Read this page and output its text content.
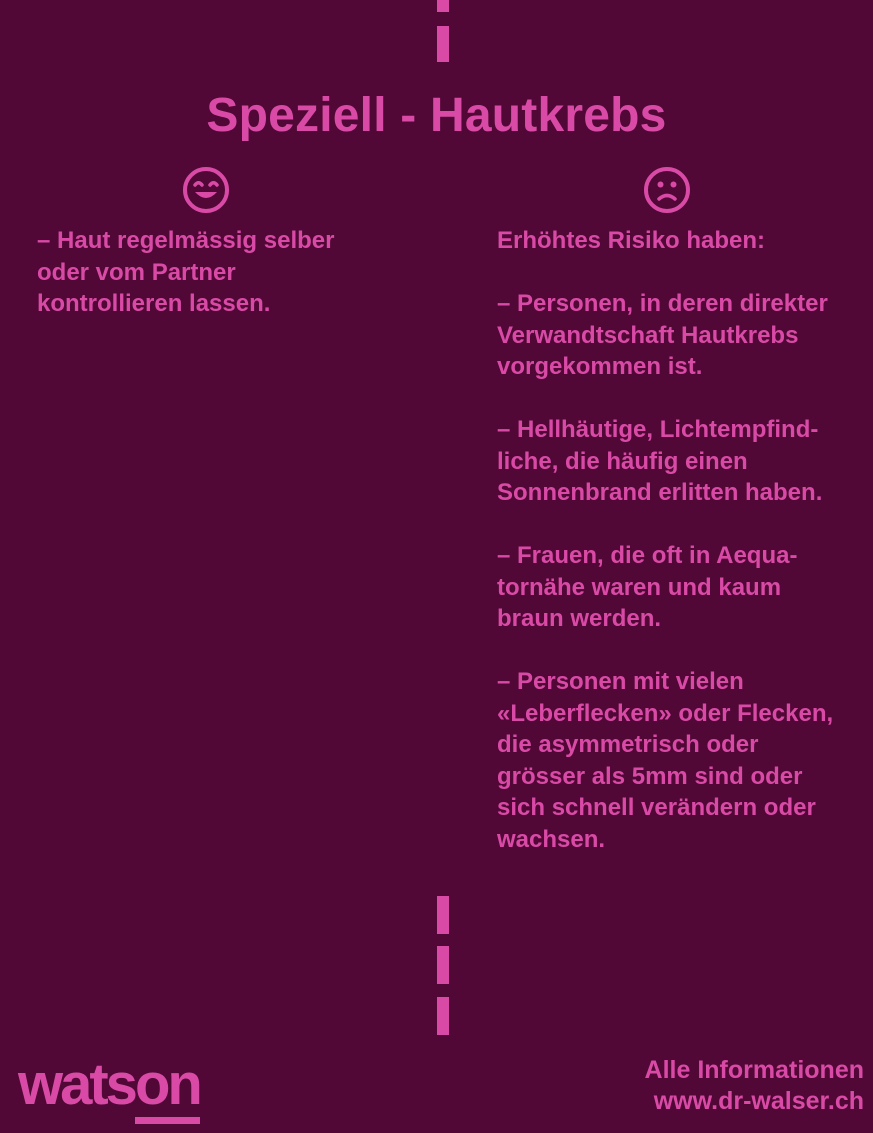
Speziell - Hautkrebs

– Haut regelmässig selber
oder vom Partner
kontrollieren lassen.

Erhöhtes Risiko haben:

– Personen, in deren direkter
Verwandtschaft Hautkrebs
vorgekommen ist.

– Hellhäutige, Lichtempfind-
liche, die häufig einen
Sonnenbrand erlitten haben.

– Frauen, die oft in Aequa-
tornähe waren und kaum
braun werden.

– Personen mit vielen
«Leberflecken» oder Flecken,
die asymmetrisch oder
grösser als 5mm sind oder
sich schnell verändern oder
wachsen.

watson	Alle Informationen
www.dr-walser.ch
